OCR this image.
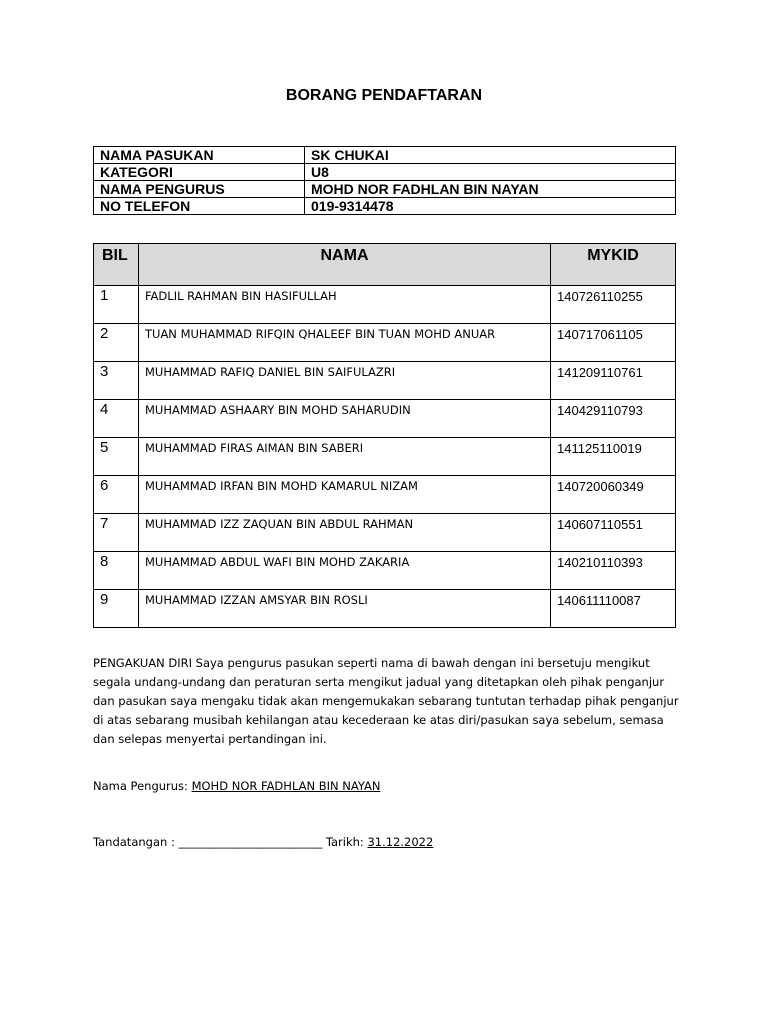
BORANG PENDAFTARAN
NAMA PASUKAN	SK CHUKAI
KATEGORI	U8
NAMA PENGURUS	MOHD NOR FADHLAN BIN NAYAN
NO TELEFON	019-9314478
BIL	NAMA	MYKID
1	FADLIL RAHMAN BIN HASIFULLAH	140726110255
2	TUAN MUHAMMAD RIFQIN QHALEEF BIN TUAN MOHD ANUAR	140717061105
3	MUHAMMAD RAFIQ DANIEL BIN SAIFULAZRI	141209110761
4	MUHAMMAD ASHAARY BIN MOHD SAHARUDIN	140429110793
5	MUHAMMAD FIRAS AIMAN BIN SABERI	141125110019
6	MUHAMMAD IRFAN BIN MOHD KAMARUL NIZAM	140720060349
7	MUHAMMAD IZZ ZAQUAN BIN ABDUL RAHMAN	140607110551
8	MUHAMMAD ABDUL WAFI BIN MOHD ZAKARIA	140210110393
9	MUHAMMAD IZZAN AMSYAR BIN ROSLI	140611110087

PENGAKUAN DIRI Saya pengurus pasukan seperti nama di bawah dengan ini bersetuju mengikut segala undang-undang dan peraturan serta mengikut jadual yang ditetapkan oleh pihak penganjur dan pasukan saya mengaku tidak akan mengemukakan sebarang tuntutan terhadap pihak penganjur di atas sebarang musibah kehilangan atau kecederaan ke atas diri/pasukan saya sebelum, semasa dan selepas menyertai pertandingan ini.

Nama Pengurus: MOHD NOR FADHLAN BIN NAYAN

Tandatangan : _________________________ Tarikh: 31.12.2022
